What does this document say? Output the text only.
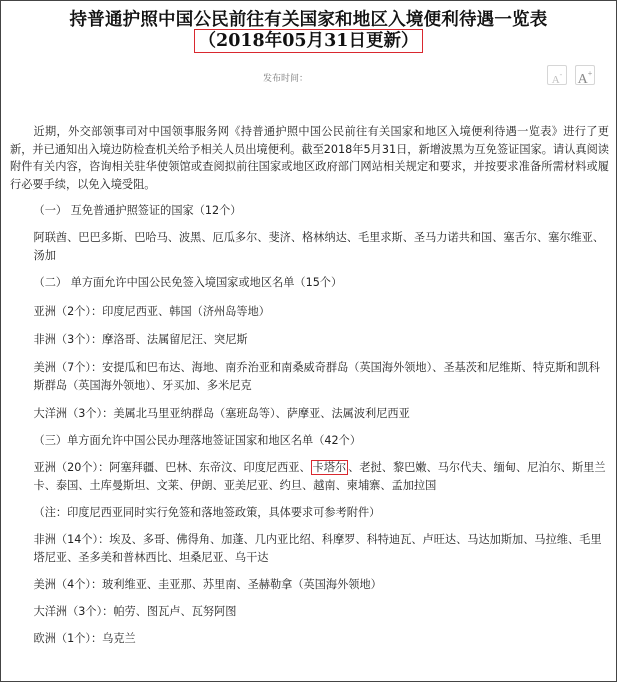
持普通护照中国公民前往有关国家和地区入境便利待遇一览表
（2018年05月31日更新）
发布时间：	A-	A+

近期，外交部领事司对中国领事服务网《持普通护照中国公民前往有关国家和地区入境便利待遇一览表》进行了更新，并已通知出入境边防检查机关给予相关人员出境便利。截至2018年5月31日，新增波黑为互免签证国家。请认真阅读附件有关内容，咨询相关驻华使领馆或查阅拟前往国家或地区政府部门网站相关规定和要求，并按要求准备所需材料或履行必要手续，以免入境受阻。

（一） 互免普通护照签证的国家（12个）

阿联酋、巴巴多斯、巴哈马、波黑、厄瓜多尔、斐济、格林纳达、毛里求斯、圣马力诺共和国、塞舌尔、塞尔维亚、汤加

（二） 单方面允许中国公民免签入境国家或地区名单（15个）

亚洲（2个）：印度尼西亚、韩国（济州岛等地）

非洲（3个）：摩洛哥、法属留尼汪、突尼斯

美洲（7个）：安提瓜和巴布达、海地、南乔治亚和南桑威奇群岛（英国海外领地）、圣基茨和尼维斯、特克斯和凯科斯群岛（英国海外领地）、牙买加、多米尼克

大洋洲（3个）：美属北马里亚纳群岛（塞班岛等）、萨摩亚、法属波利尼西亚

（三）单方面允许中国公民办理落地签证国家和地区名单（42个）

亚洲（20个）：阿塞拜疆、巴林、东帝汶、印度尼西亚、 卡塔尔 、老挝、黎巴嫩、马尔代夫、缅甸、尼泊尔、斯里兰卡、泰国、土库曼斯坦、文莱、伊朗、亚美尼亚、约旦、越南、柬埔寨、孟加拉国

（注：印度尼西亚同时实行免签和落地签政策，具体要求可参考附件）

非洲（14个）：埃及、多哥、佛得角、加蓬、几内亚比绍、科摩罗、科特迪瓦、卢旺达、马达加斯加、马拉维、毛里塔尼亚、圣多美和普林西比、坦桑尼亚、乌干达

美洲（4个）：玻利维亚、圭亚那、苏里南、圣赫勒拿（英国海外领地）

大洋洲（3个）：帕劳、图瓦卢、瓦努阿图

欧洲（1个）：乌克兰
